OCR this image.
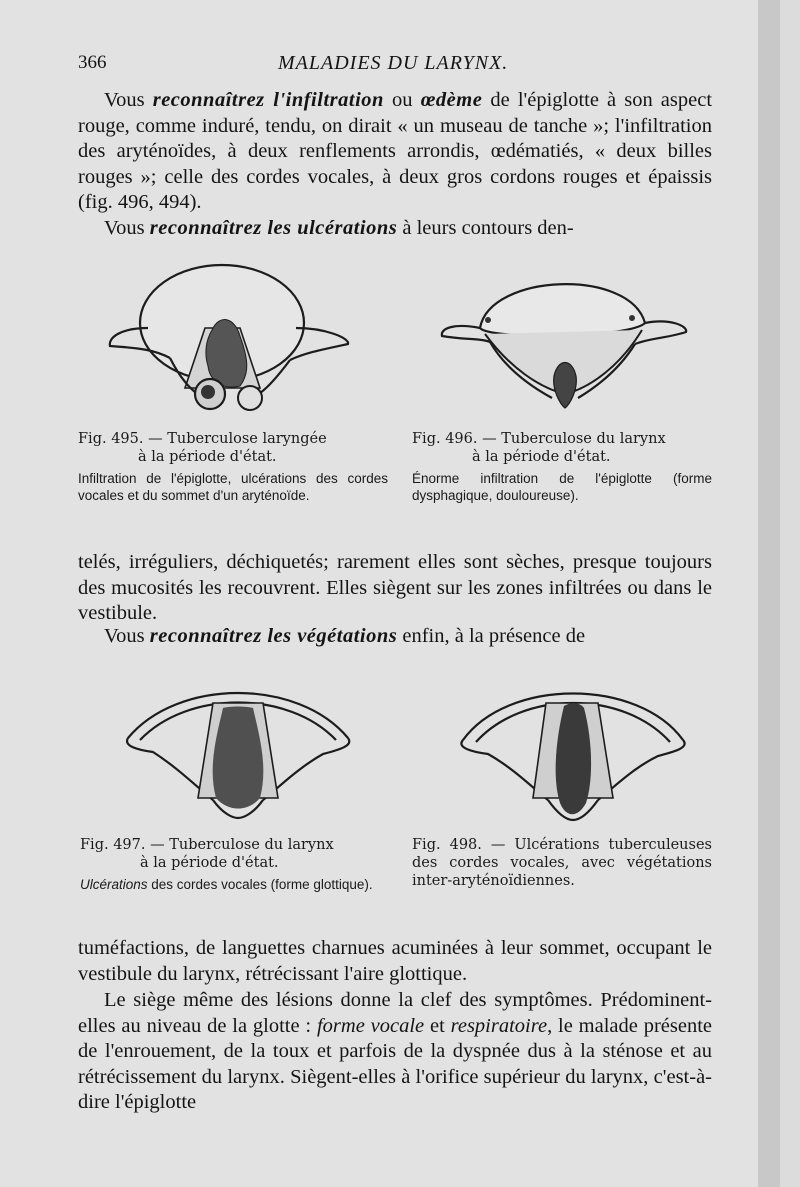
366	MALADIES DU LARYNX.

Vous reconnaîtrez l'infiltration ou œdème de l'épiglotte à son aspect rouge, comme induré, tendu, on dirait « un museau de tanche »; l'infiltration des aryténoïdes, à deux renflements arrondis, œdématiés, « deux billes rouges »; celle des cordes vocales, à deux gros cordons rouges et épaissis (fig. 496, 494).

Vous reconnaîtrez les ulcérations à leurs contours den-

Fig. 495. — Tuberculose laryngée
à la période d'état.

Infiltration de l'épiglotte, ulcérations des cordes vocales et du sommet d'un aryténoïde.

Fig. 496. — Tuberculose du larynx
à la période d'état.

Énorme infiltration de l'épiglotte (forme dysphagique, douloureuse).

telés, irréguliers, déchiquetés; rarement elles sont sèches, presque toujours des mucosités les recouvrent. Elles siègent sur les zones infiltrées ou dans le vestibule.

Vous reconnaîtrez les végétations enfin, à la présence de

Fig. 497. — Tuberculose du larynx
à la période d'état.

Ulcérations des cordes vocales (forme glottique).

Fig. 498. — Ulcérations tuberculeuses des cordes vocales, avec végétations inter-aryténoïdiennes.

tuméfactions, de languettes charnues acuminées à leur sommet, occupant le vestibule du larynx, rétrécissant l'aire glottique.

Le siège même des lésions donne la clef des symptômes. Prédominent-elles au niveau de la glotte : forme vocale et respiratoire, le malade présente de l'enrouement, de la toux et parfois de la dyspnée dus à la sténose et au rétrécissement du larynx. Siègent-elles à l'orifice supérieur du larynx, c'est-à-dire l'épiglotte
